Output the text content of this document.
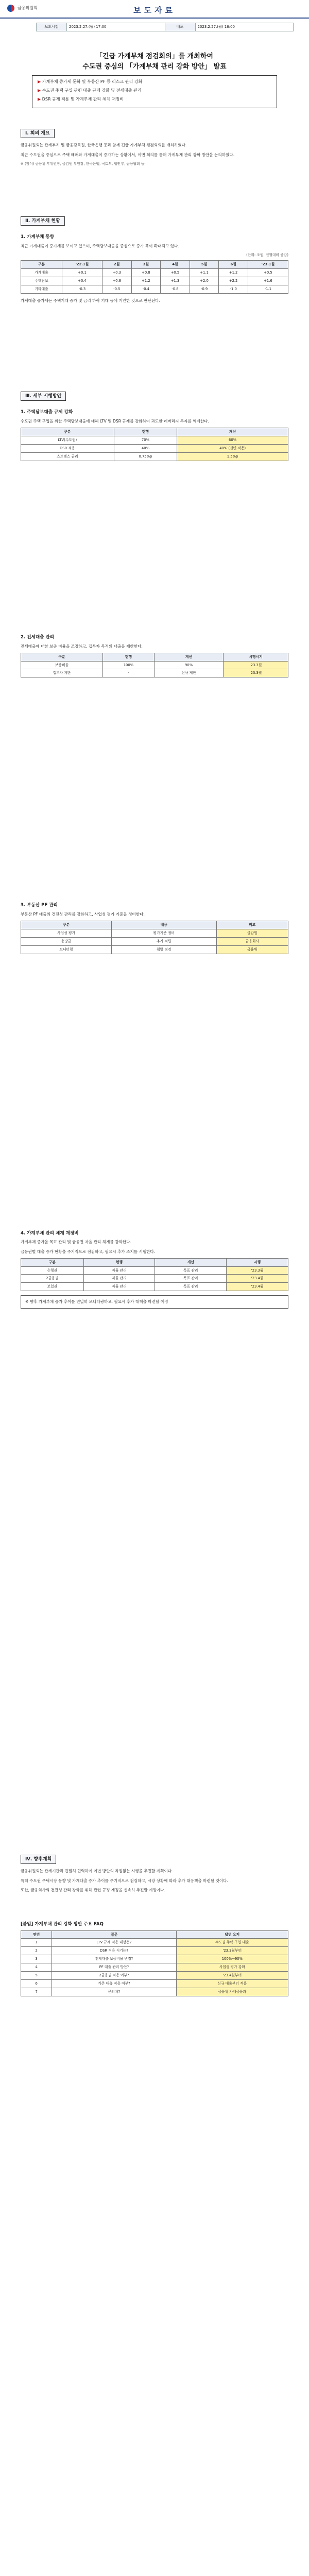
금융위원회	보도자료
보도시점	2023.2.27.(월) 17:00	배포	2023.2.27.(월) 16:00
「긴급 가계부채 점검회의」를 개최하여
수도권 중심의 「가계부채 관리 강화 방안」 발표

▶ 가계부채 증가세 둔화 및 부동산 PF 등 리스크 관리 강화

▶ 수도권 주택 구입 관련 대출 규제 강화 및 전세대출 관리

▶ DSR 규제 적용 및 가계부채 관리 체계 재정비

Ⅰ. 회의 개요

금융위원회는 관계부처 및 금융감독원, 한국은행 등과 함께 긴급 가계부채 점검회의를 개최하였다.

최근 수도권을 중심으로 주택 매매와 가계대출이 증가하는 상황에서, 이번 회의를 통해 가계부채 관리 강화 방안을 논의하였다.

※ (참석) 금융위 부위원장, 금감원 부원장, 한국은행, 국토부, 행안부, 금융협회 등

Ⅱ. 가계부채 현황
1. 가계부채 동향

최근 가계대출이 증가세를 보이고 있으며, 주택담보대출을 중심으로 증가 폭이 확대되고 있다.

(단위: 조원, 전월대비 증감)

구분	'22.1월	2월	3월	4월	5월	6월	'23.1월
가계대출	+0.1	+0.3	+0.8	+0.5	+1.1	+1.2	+0.5
주택담보	+0.4	+0.8	+1.2	+1.3	+2.0	+2.2	+1.6
기타대출	-0.3	-0.5	-0.4	-0.8	-0.9	-1.0	-1.1

가계대출 증가세는 주택거래 증가 및 금리 하락 기대 등에 기인한 것으로 판단된다.

Ⅲ. 세부 시행방안
1. 주택담보대출 규제 강화

수도권 주택 구입을 위한 주택담보대출에 대해 LTV 및 DSR 규제를 강화하여 과도한 레버리지 투자를 억제한다.

구분	현행	개선
LTV(수도권)	70%	60%
DSR 적용	40%	40% (전면 적용)
스트레스 금리	0.75%p	1.5%p
2. 전세대출 관리

전세대출에 대한 보증 비율을 조정하고, 갭투자 목적의 대출을 제한한다.

구분	현행	개선	시행시기
보증비율	100%	90%	'23.3월
갭투자 제한	-	신규 제한	'23.3월
3. 부동산 PF 관리

부동산 PF 대출의 건전성 관리를 강화하고, 사업성 평가 기준을 정비한다.

구분	내용	비고
사업성 평가	평가기준 정비	금감원
충당금	추가 적립	금융회사
모니터링	월별 점검	금융위
4. 가계부채 관리 체계 재정비

가계부채 증가율 목표 관리 및 금융권 자율 관리 체계를 강화한다.

금융권별 대출 증가 현황을 주기적으로 점검하고, 필요시 추가 조치를 시행한다.

구분	현행	개선	시행
은행권	자율 관리	목표 관리	'23.3월
2금융권	자율 관리	목표 관리	'23.4월
보험권	자율 관리	목표 관리	'23.4월
※ 향후 가계부채 증가 추이를 면밀히 모니터링하고, 필요시 추가 대책을 마련할 예정
Ⅳ. 향후계획

금융위원회는 관계기관과 긴밀히 협력하여 이번 방안의 차질없는 시행을 추진할 계획이다.

특히 수도권 주택시장 동향 및 가계대출 증가 추이를 주기적으로 점검하고, 시장 상황에 따라 추가 대응책을 마련할 것이다.

또한, 금융회사의 건전성 관리 강화를 위해 관련 규정 개정을 신속히 추진할 예정이다.

[붙임] 가계부채 관리 강화 방안 주요 FAQ
연번	질문	답변 요지
1	LTV 규제 적용 대상은?	수도권 주택 구입 대출
2	DSR 적용 시기는?	'23.3월부터
3	전세대출 보증비율 변경?	100%→90%
4	PF 대출 관리 방안?	사업성 평가 강화
5	2금융권 적용 여부?	'23.4월부터
6	기존 대출 적용 여부?	신규 대출부터 적용
7	문의처?	금융위 가계금융과
